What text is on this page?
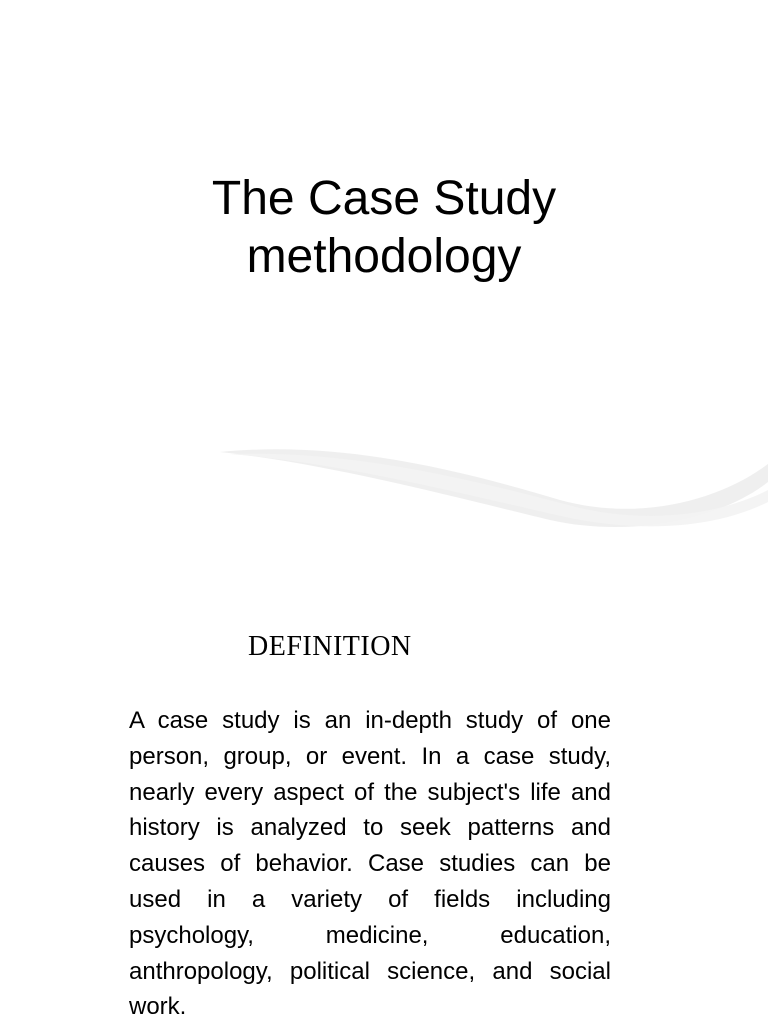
The Case Study
methodology
DEFINITION

A case study is an in-depth study of one person, group, or event. In a case study, nearly every aspect of the subject's life and history is analyzed to seek patterns and causes of behavior. Case studies can be used in a variety of fields including psychology, medicine, education, anthropology, political science, and social work.
